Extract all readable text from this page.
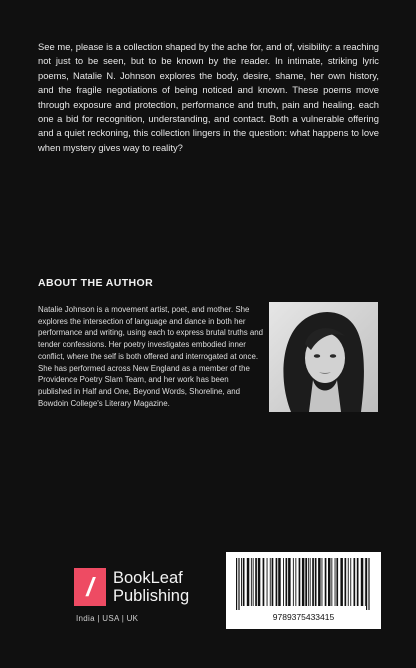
See me, please is a collection shaped by the ache for, and of, visibility: a reaching not just to be seen, but to be known by the reader. In intimate, striking lyric poems, Natalie N. Johnson explores the body, desire, shame, her own history, and the fragile negotiations of being noticed and known. These poems move through exposure and protection, performance and truth, pain and healing. each one a bid for recognition, understanding, and contact. Both a vulnerable offering and a quiet reckoning, this collection lingers in the question: what happens to love when mystery gives way to reality?

ABOUT THE AUTHOR

Natalie Johnson is a movement artist, poet, and mother. She explores the intersection of language and dance in both her performance and writing, using each to express brutal truths and tender confessions. Her poetry investigates embodied inner conflict, where the self is both offered and interrogated at once. She has performed across New England as a member of the Providence Poetry Slam Team, and her work has been published in Half and One, Beyond Words, Shoreline, and Bowdoin College's Literary Magazine.

/	BookLeaf
Publishing
India | USA | UK	9789375433415
